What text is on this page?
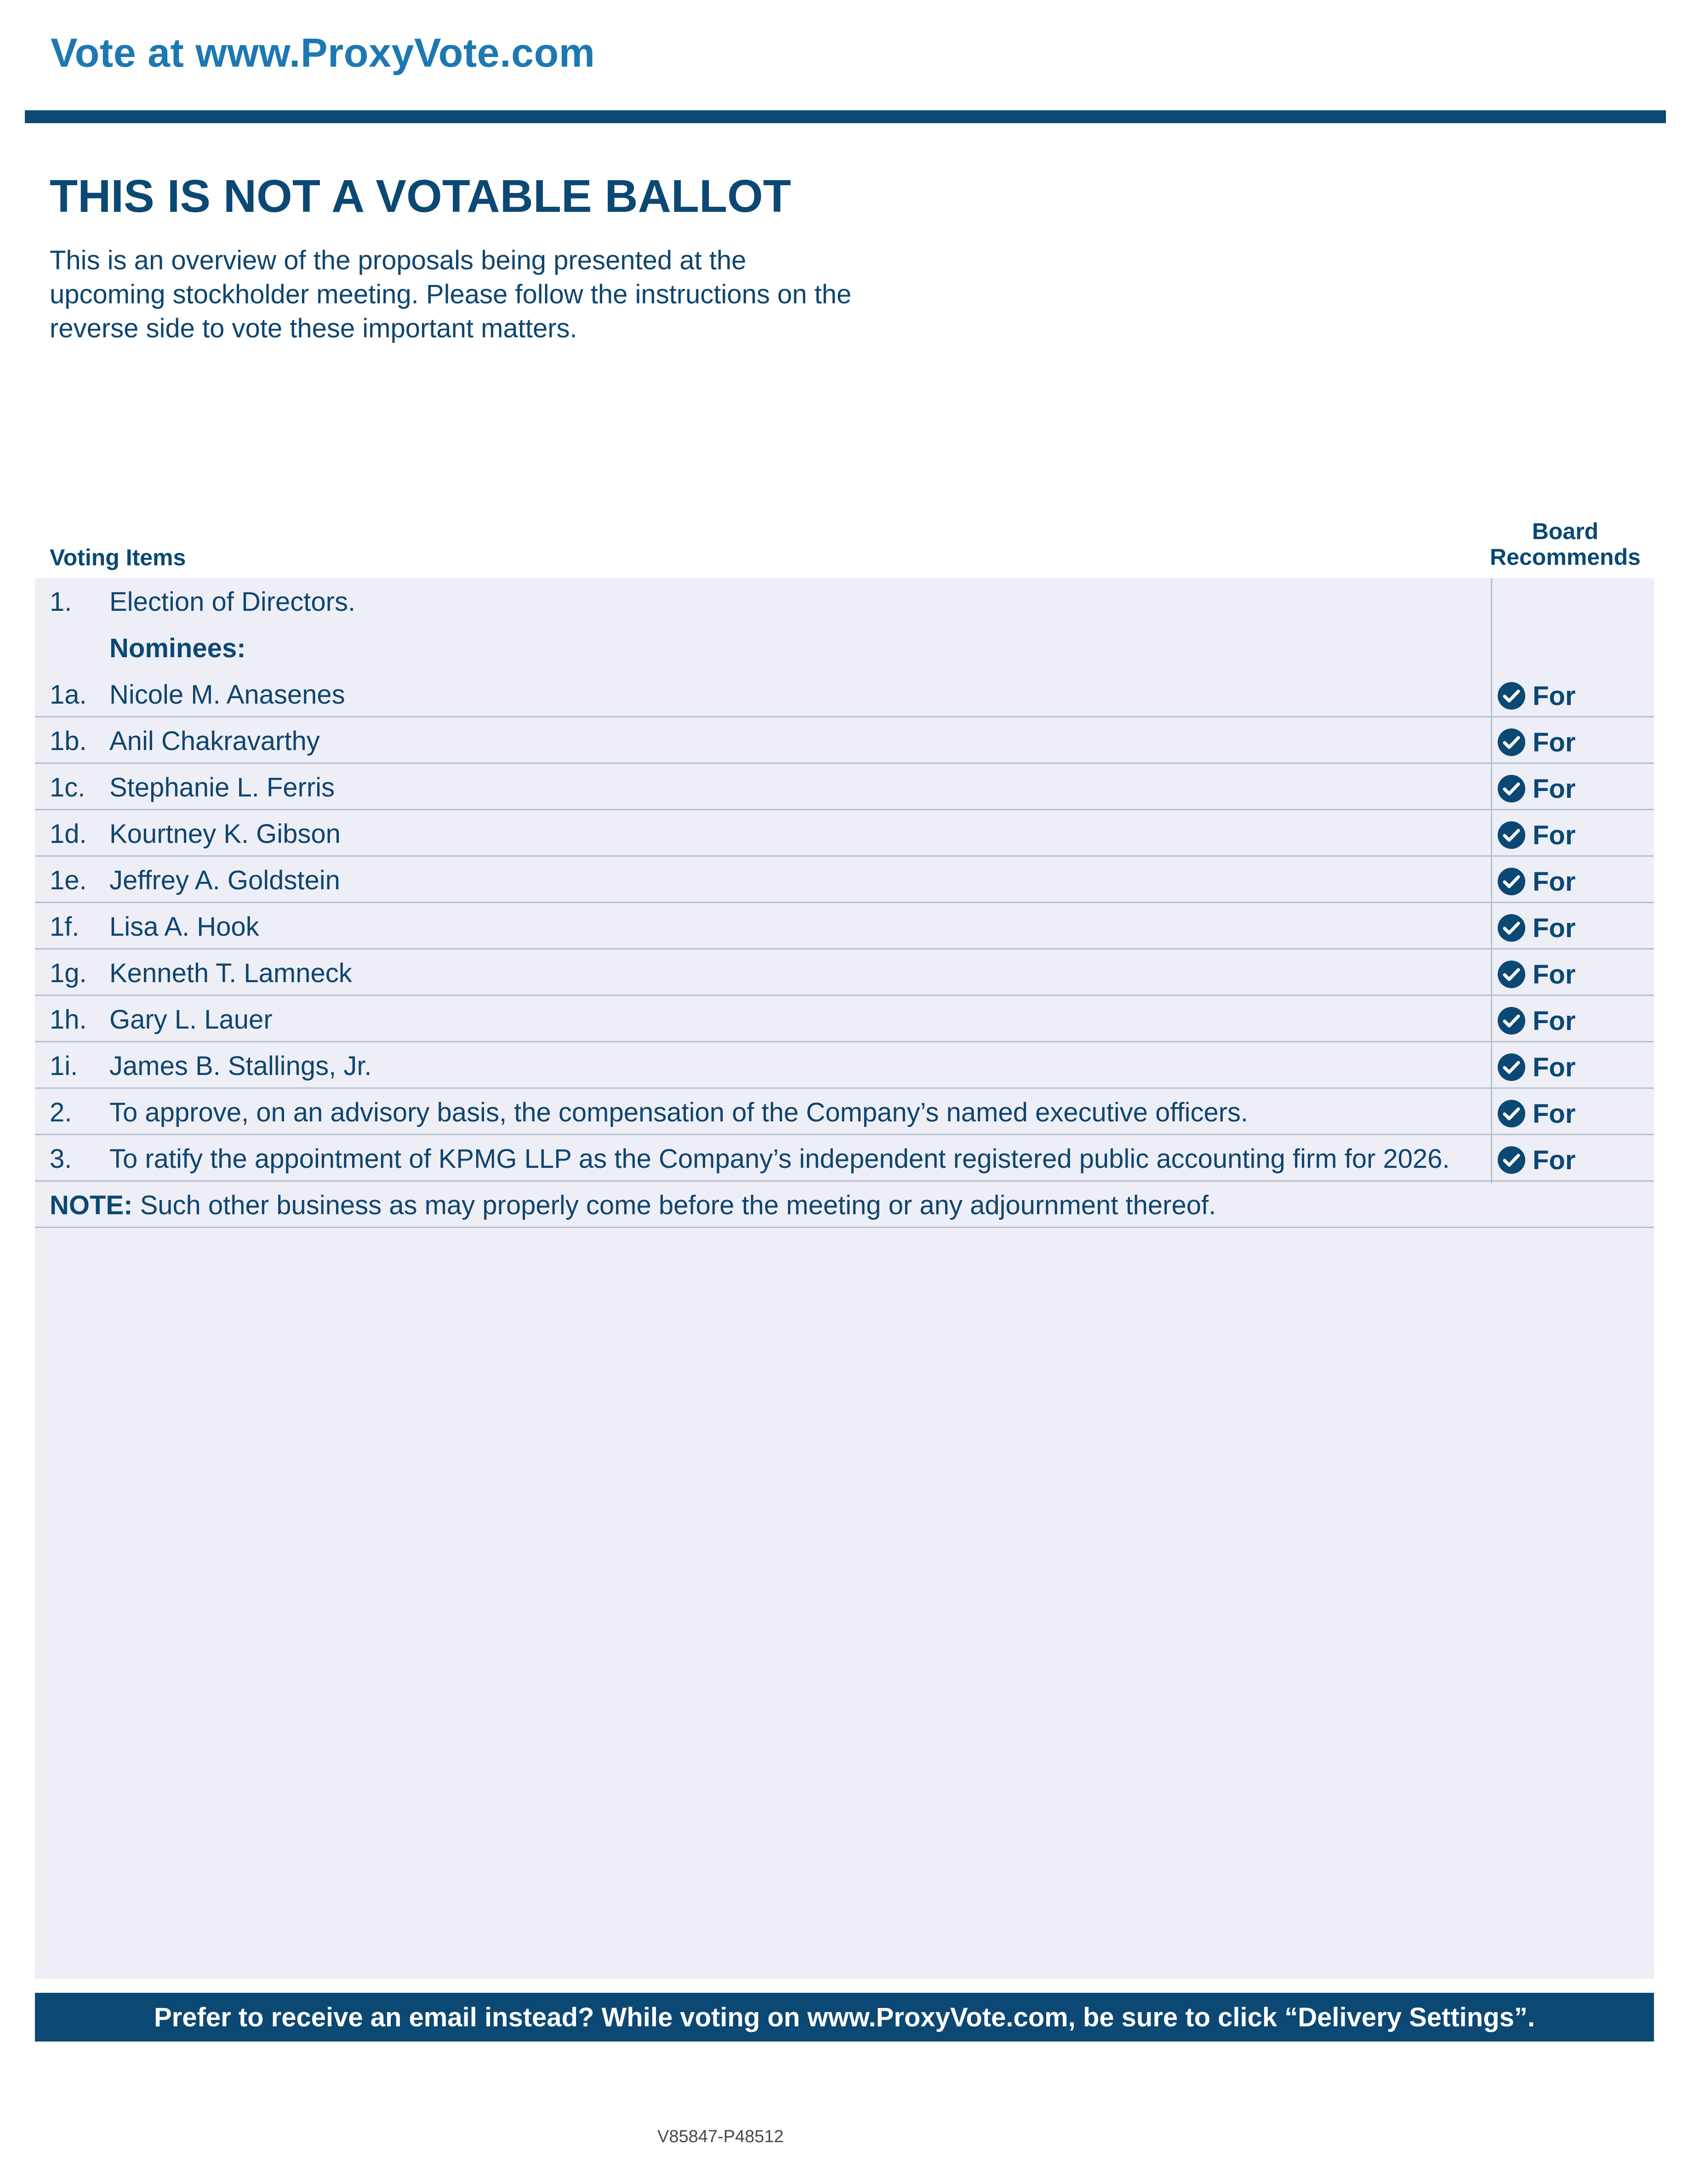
Vote at www.ProxyVote.com
THIS IS NOT A VOTABLE BALLOT
This is an overview of the proposals being presented at the upcoming stockholder meeting. Please follow the instructions on the reverse side to vote these important matters.
Voting Items
Board Recommends
1. Election of Directors.
Nominees:
1a. Nicole M. Anasenes	For
1b. Anil Chakravarthy	For
1c. Stephanie L. Ferris	For
1d. Kourtney K. Gibson	For
1e. Jeffrey A. Goldstein	For
1f. Lisa A. Hook	For
1g. Kenneth T. Lamneck	For
1h. Gary L. Lauer	For
1i. James B. Stallings, Jr.	For
2. To approve, on an advisory basis, the compensation of the Company’s named executive officers.	For
3. To ratify the appointment of KPMG LLP as the Company’s independent registered public accounting firm for 2026.	For
NOTE: Such other business as may properly come before the meeting or any adjournment thereof.
Prefer to receive an email instead? While voting on www.ProxyVote.com, be sure to click “Delivery Settings”.
V85847-P48512
